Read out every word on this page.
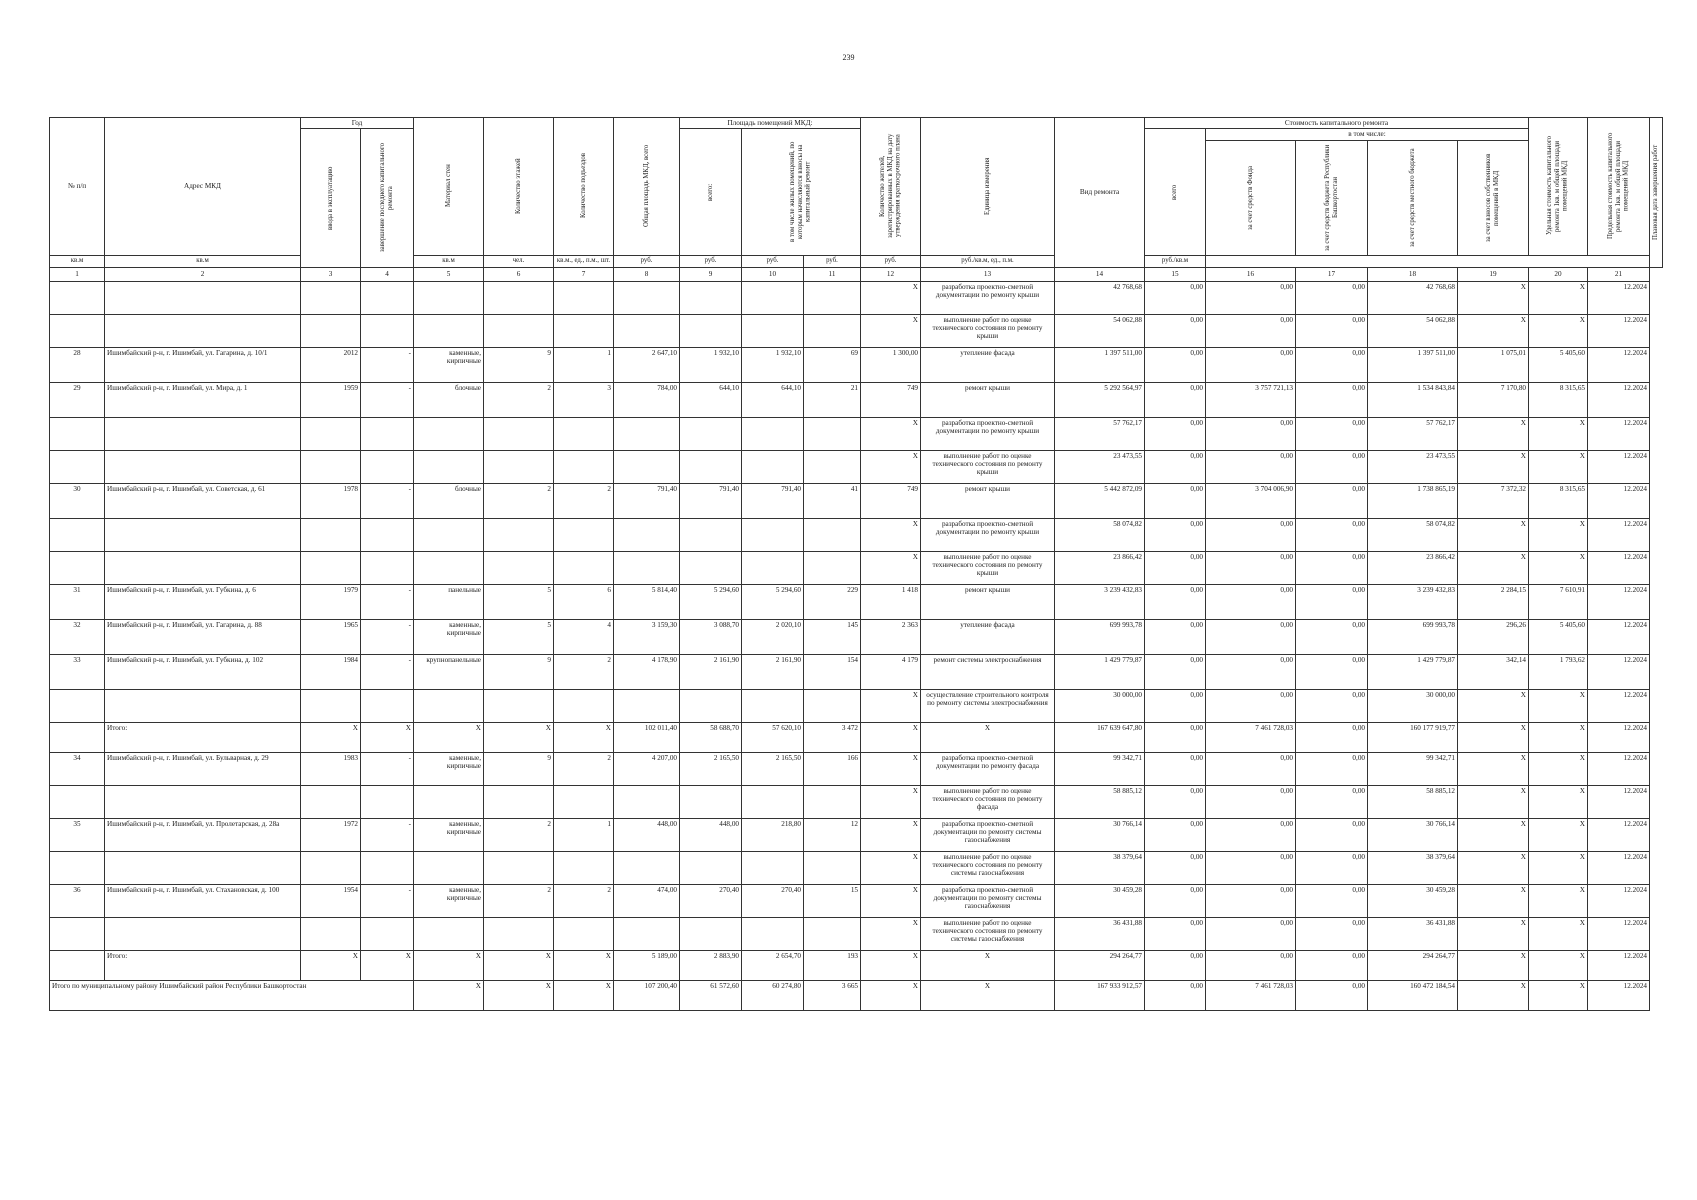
239
№ п/п	Адрес МКД	Год		Материал стен	Количество этажей	Количество подъездов	Общая площадь МКД, всего	Площадь помещений МКД:			Количество жителей, зарегистрированных в МКД на дату утверждения краткосрочного плана	Единица измерения	Вид ремонта	Стоимость капитального ремонта					Удельная стоимость капитального ремонта 1кв. м общей площади помещений МКД	Предельная стоимость капитального ремонта 1кв. м общей площади помещений МКД	Плановая дата завершения работ

		ввода в эксплуатацию	завершение последнего капитального ремонта					всего:	в том числе жилых помещений, по которым начисляются взносы на капитальный ремонт					всего	в том числе:						

															за счет средств Фонда	за счет средств бюджета Республики Башкортостан	за счет средств местного бюджета	за счет взносов собственников помещений в МКД			

кв.м	кв.м			кв.м	чел.	кв.м., ед., п.м., шт.	руб.	руб.	руб.	руб.	руб.	руб./кв.м, ед., п.м.		руб./кв.м							
1	2	3	4	5	6	7	8	9	10	11	12	13	14	15	16	17	18	19	20	21	
											X	разработка проектно-сметной документации по ремонту крыши	42 768,68	0,00	0,00	0,00	42 768,68	X	X	12.2024	
											X	выполнение работ по оценке технического состояния по ремонту крыши	54 062,88	0,00	0,00	0,00	54 062,88	X	X	12.2024	
28	Ишимбайский р-н, г. Ишимбай, ул. Гагарина, д. 10/1	2012	-	каменные, кирпичные	9	1	2 647,10	1 932,10	1 932,10	69	1 300,00	утепление фасада	1 397 511,00	0,00	0,00	0,00	1 397 511,00	1 075,01	5 405,60	12.2024	
29	Ишимбайский р-н, г. Ишимбай, ул. Мира, д. 1	1959	-	блочные	2	3	784,00	644,10	644,10	21	749	ремонт крыши	5 292 564,97	0,00	3 757 721,13	0,00	1 534 843,84	7 170,80	8 315,65	12.2024	
											X	разработка проектно-сметной документации по ремонту крыши	57 762,17	0,00	0,00	0,00	57 762,17	X	X	12.2024	
											X	выполнение работ по оценке технического состояния по ремонту крыши	23 473,55	0,00	0,00	0,00	23 473,55	X	X	12.2024	
30	Ишимбайский р-н, г. Ишимбай, ул. Советская, д. 61	1978	-	блочные	2	2	791,40	791,40	791,40	41	749	ремонт крыши	5 442 872,09	0,00	3 704 006,90	0,00	1 738 865,19	7 372,32	8 315,65	12.2024	
											X	разработка проектно-сметной документации по ремонту крыши	58 074,82	0,00	0,00	0,00	58 074,82	X	X	12.2024	
											X	выполнение работ по оценке технического состояния по ремонту крыши	23 866,42	0,00	0,00	0,00	23 866,42	X	X	12.2024	
31	Ишимбайский р-н, г. Ишимбай, ул. Губкина, д. 6	1979	-	панельные	5	6	5 814,40	5 294,60	5 294,60	229	1 418	ремонт крыши	3 239 432,83	0,00	0,00	0,00	3 239 432,83	2 284,15	7 610,91	12.2024	
32	Ишимбайский р-н, г. Ишимбай, ул. Гагарина, д. 88	1965	-	каменные, кирпичные	5	4	3 159,30	3 088,70	2 020,10	145	2 363	утепление фасада	699 993,78	0,00	0,00	0,00	699 993,78	296,26	5 405,60	12.2024	
33	Ишимбайский р-н, г. Ишимбай, ул. Губкина, д. 102	1984	-	крупнопанельные	9	2	4 178,90	2 161,90	2 161,90	154	4 179	ремонт системы электроснабжения	1 429 779,87	0,00	0,00	0,00	1 429 779,87	342,14	1 793,62	12.2024	
											X	осуществление строительного контроля по ремонту системы электроснабжения	30 000,00	0,00	0,00	0,00	30 000,00	X	X	12.2024	
	Итого:	X	X	X	X	X	102 011,40	58 688,70	57 620,10	3 472	X	X	167 639 647,80	0,00	7 461 728,03	0,00	160 177 919,77	X	X	12.2024	
34	Ишимбайский р-н, г. Ишимбай, ул. Бульварная, д. 29	1983	-	каменные, кирпичные	9	2	4 207,00	2 165,50	2 165,50	166	X	разработка проектно-сметной документации по ремонту фасада	99 342,71	0,00	0,00	0,00	99 342,71	X	X	12.2024	
											X	выполнение работ по оценке технического состояния по ремонту фасада	58 885,12	0,00	0,00	0,00	58 885,12	X	X	12.2024	
35	Ишимбайский р-н, г. Ишимбай, ул. Пролетарская, д. 28а	1972	-	каменные, кирпичные	2	1	448,00	448,00	218,80	12	X	разработка проектно-сметной документации по ремонту системы газоснабжения	30 766,14	0,00	0,00	0,00	30 766,14	X	X	12.2024	
											X	выполнение работ по оценке технического состояния по ремонту системы газоснабжения	38 379,64	0,00	0,00	0,00	38 379,64	X	X	12.2024	
36	Ишимбайский р-н, г. Ишимбай, ул. Стахановская, д. 100	1954	-	каменные, кирпичные	2	2	474,00	270,40	270,40	15	X	разработка проектно-сметной документации по ремонту системы газоснабжения	30 459,28	0,00	0,00	0,00	30 459,28	X	X	12.2024	
											X	выполнение работ по оценке технического состояния по ремонту системы газоснабжения	36 431,88	0,00	0,00	0,00	36 431,88	X	X	12.2024	
	Итого:	X	X	X	X	X	5 189,00	2 883,90	2 654,70	193	X	X	294 264,77	0,00	0,00	0,00	294 264,77	X	X	12.2024	
Итого по муниципальному району Ишимбайский район Республики Башкортостан				X	X	X	107 200,40	61 572,60	60 274,80	3 665	X	X	167 933 912,57	0,00	7 461 728,03	0,00	160 472 184,54	X	X	12.2024	
